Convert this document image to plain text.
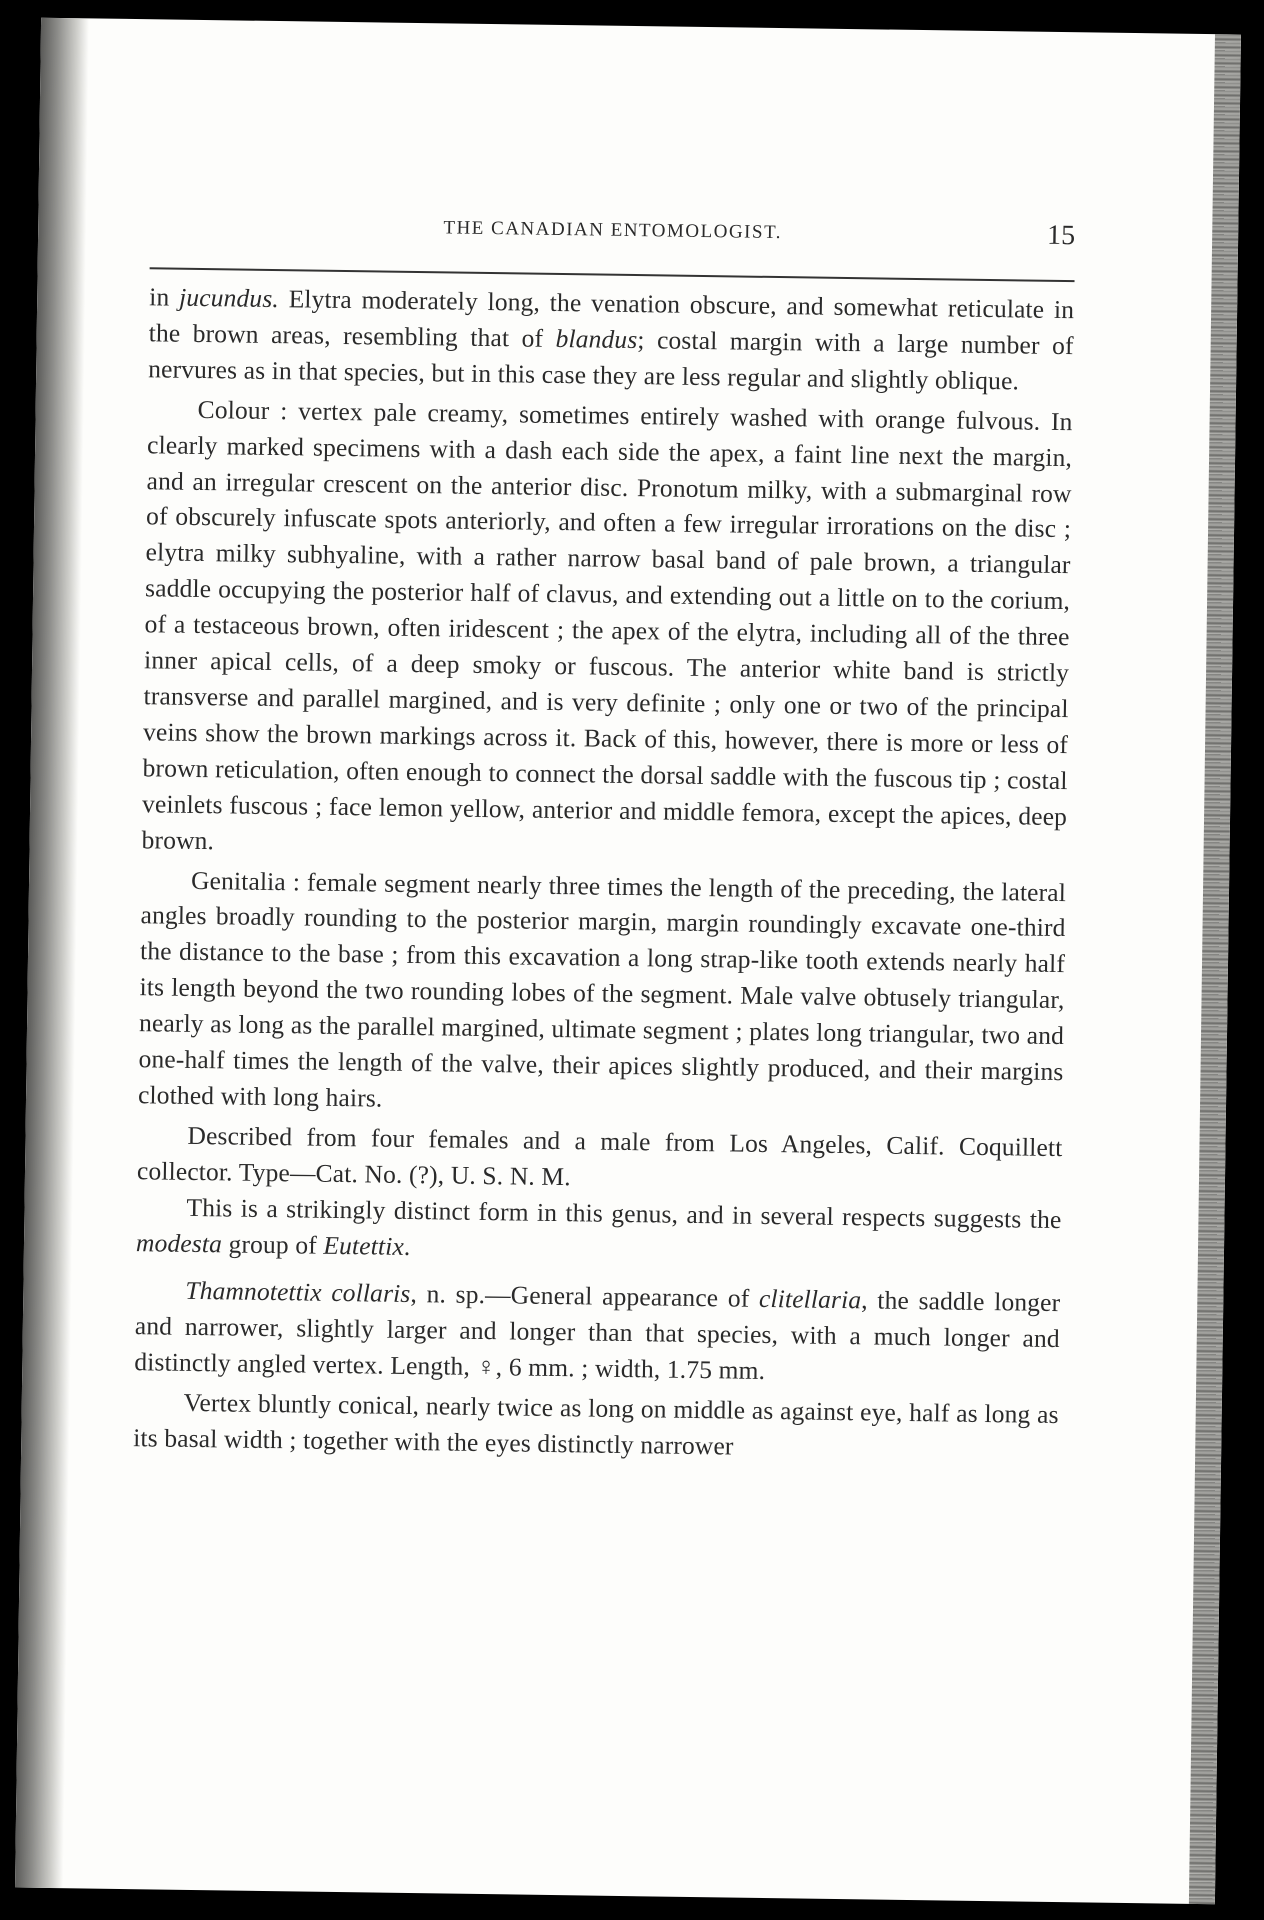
THE CANADIAN ENTOMOLOGIST.	15

in jucundus. Elytra moderately long, the venation obscure, and somewhat reticulate in the brown areas, resembling that of blandus; costal margin with a large number of nervures as in that species, but in this case they are less regular and slightly oblique.

Colour : vertex pale creamy, sometimes entirely washed with orange fulvous. In clearly marked specimens with a dash each side the apex, a faint line next the margin, and an irregular crescent on the anterior disc. Pronotum milky, with a submarginal row of obscurely infuscate spots anteriorly, and often a few irregular irrorations on the disc ; elytra milky subhyaline, with a rather narrow basal band of pale brown, a triangular saddle occupying the posterior half of clavus, and extending out a little on to the corium, of a testaceous brown, often iridescent ; the apex of the elytra, including all of the three inner apical cells, of a deep smoky or fuscous. The anterior white band is strictly transverse and parallel margined, and is very definite ; only one or two of the principal veins show the brown markings across it. Back of this, however, there is more or less of brown reticulation, often enough to connect the dorsal saddle with the fuscous tip ; costal veinlets fuscous ; face lemon yellow, anterior and middle femora, except the apices, deep brown.

Genitalia : female segment nearly three times the length of the preceding, the lateral angles broadly rounding to the posterior margin, margin roundingly excavate one-third the distance to the base ; from this excavation a long strap-like tooth extends nearly half its length beyond the two rounding lobes of the segment. Male valve obtusely triangular, nearly as long as the parallel margined, ultimate segment ; plates long triangular, two and one-half times the length of the valve, their apices slightly produced, and their margins clothed with long hairs.

Described from four females and a male from Los Angeles, Calif. Coquillett collector. Type—Cat. No. (?), U. S. N. M.

This is a strikingly distinct form in this genus, and in several respects suggests the modesta group of Eutettix.

Thamnotettix collaris, n. sp.—General appearance of clitellaria, the saddle longer and narrower, slightly larger and longer than that species, with a much longer and distinctly angled vertex. Length, ♀, 6 mm. ; width, 1.75 mm.

Vertex bluntly conical, nearly twice as long on middle as against eye, half as long as its basal width ; together with the eyes distinctly narrower
